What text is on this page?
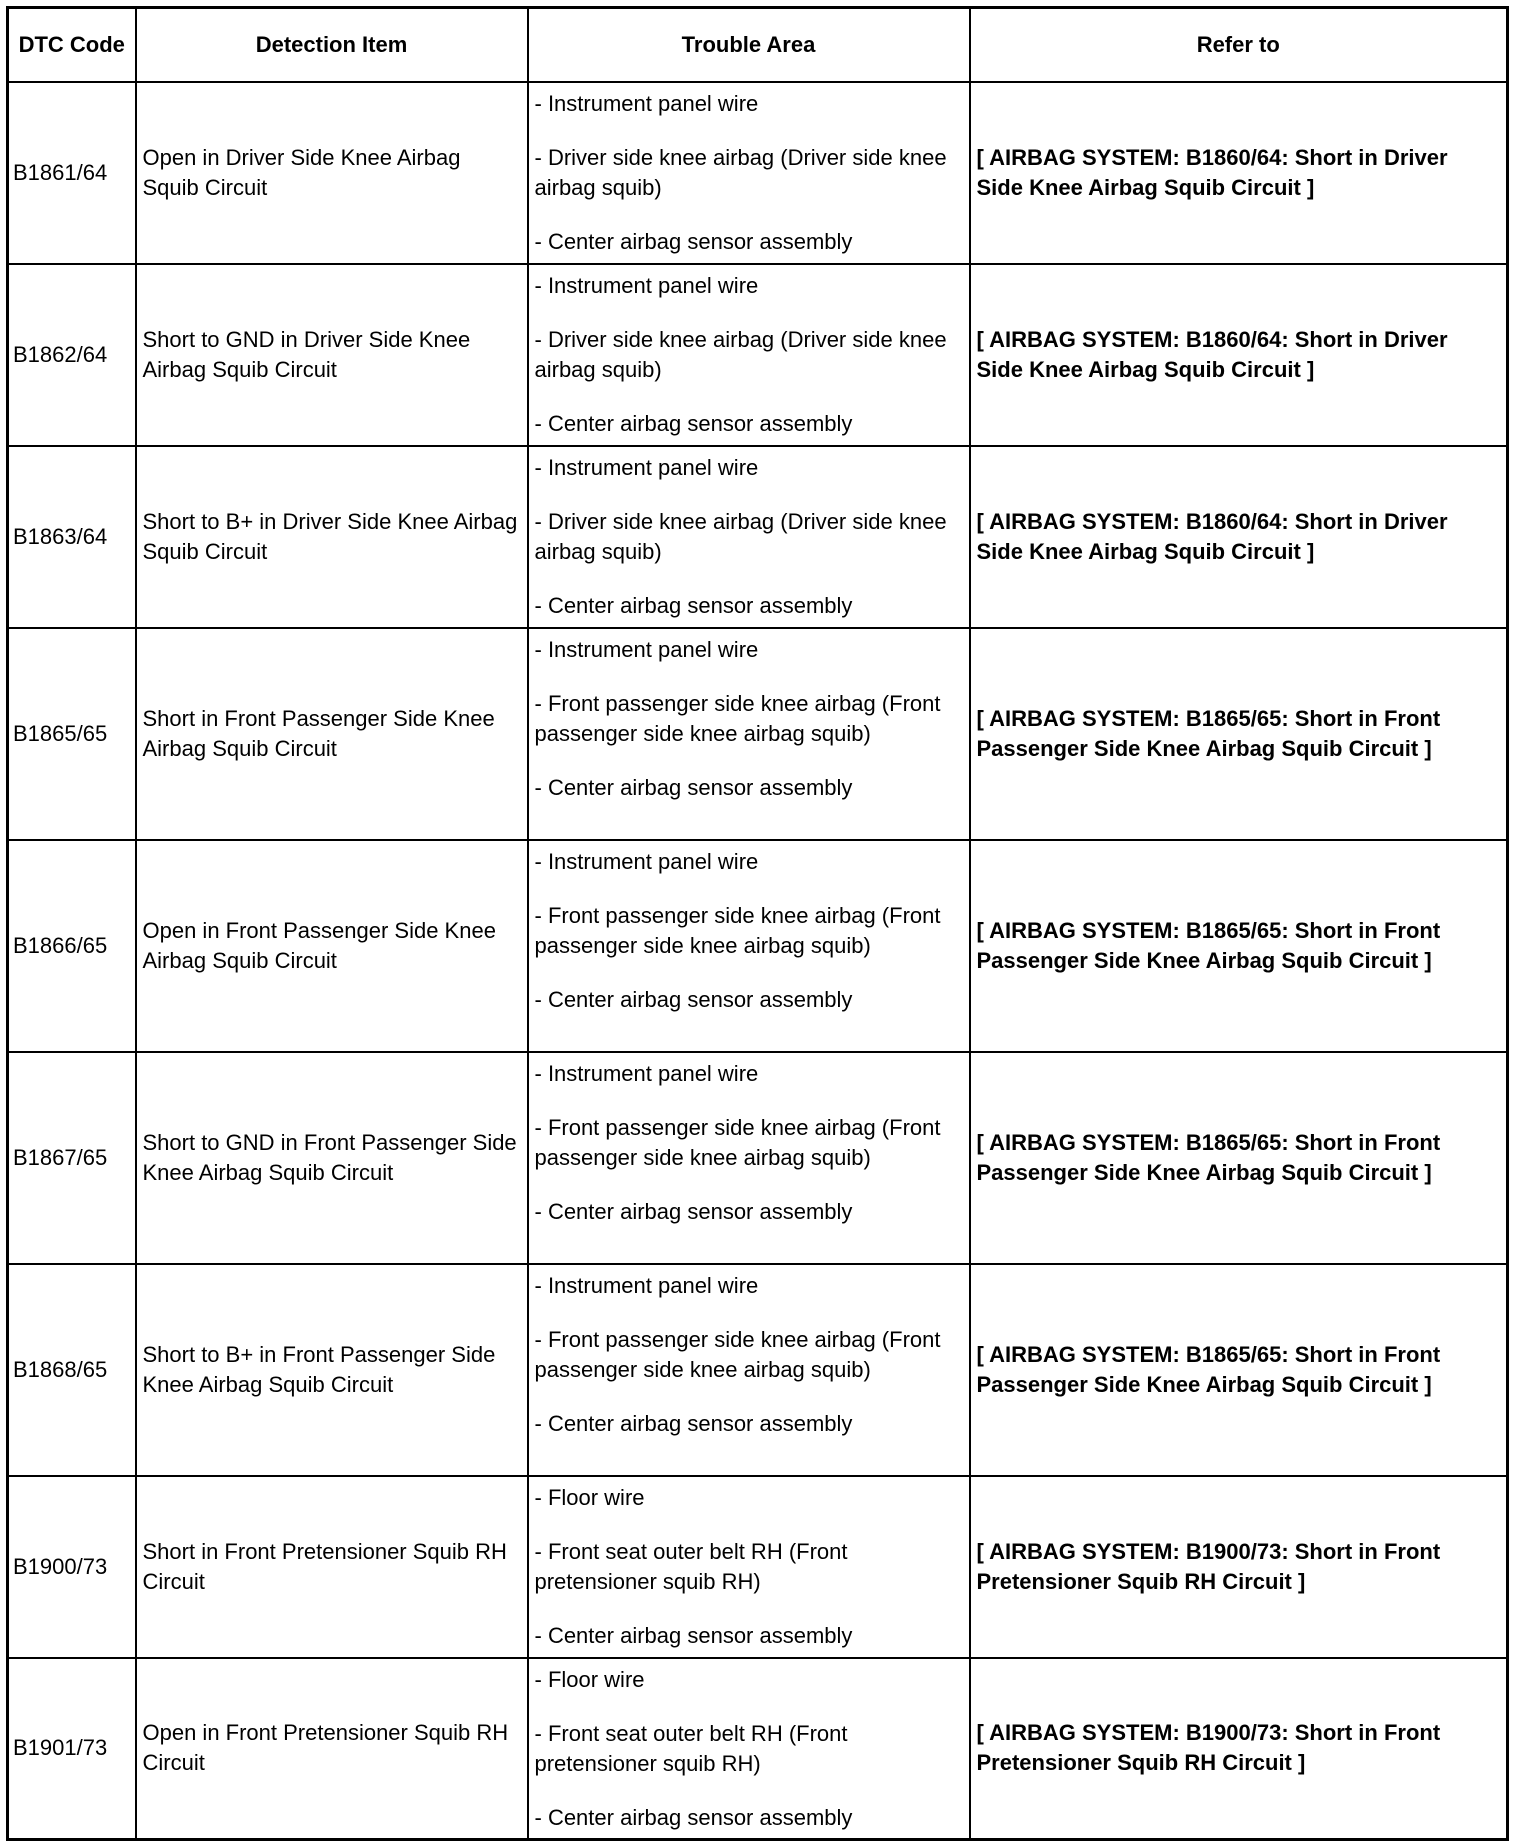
DTC Code	Detection Item	Trouble Area	Refer to
B1861/64	Open in Driver Side Knee Airbag Squib Circuit	- Instrument panel wire
- Driver side knee airbag (Driver side knee airbag squib)
- Center airbag sensor assembly	[ AIRBAG SYSTEM: B1860/64: Short in Driver Side Knee Airbag Squib Circuit ]
B1862/64	Short to GND in Driver Side Knee Airbag Squib Circuit	- Instrument panel wire
- Driver side knee airbag (Driver side knee airbag squib)
- Center airbag sensor assembly	[ AIRBAG SYSTEM: B1860/64: Short in Driver Side Knee Airbag Squib Circuit ]
B1863/64	Short to B+ in Driver Side Knee Airbag Squib Circuit	- Instrument panel wire
- Driver side knee airbag (Driver side knee airbag squib)
- Center airbag sensor assembly	[ AIRBAG SYSTEM: B1860/64: Short in Driver Side Knee Airbag Squib Circuit ]
B1865/65	Short in Front Passenger Side Knee Airbag Squib Circuit	- Instrument panel wire
- Front passenger side knee airbag (Front passenger side knee airbag squib)
- Center airbag sensor assembly	[ AIRBAG SYSTEM: B1865/65: Short in Front Passenger Side Knee Airbag Squib Circuit ]
B1866/65	Open in Front Passenger Side Knee Airbag Squib Circuit	- Instrument panel wire
- Front passenger side knee airbag (Front passenger side knee airbag squib)
- Center airbag sensor assembly	[ AIRBAG SYSTEM: B1865/65: Short in Front Passenger Side Knee Airbag Squib Circuit ]
B1867/65	Short to GND in Front Passenger Side Knee Airbag Squib Circuit	- Instrument panel wire
- Front passenger side knee airbag (Front passenger side knee airbag squib)
- Center airbag sensor assembly	[ AIRBAG SYSTEM: B1865/65: Short in Front Passenger Side Knee Airbag Squib Circuit ]
B1868/65	Short to B+ in Front Passenger Side Knee Airbag Squib Circuit	- Instrument panel wire
- Front passenger side knee airbag (Front passenger side knee airbag squib)
- Center airbag sensor assembly	[ AIRBAG SYSTEM: B1865/65: Short in Front Passenger Side Knee Airbag Squib Circuit ]
B1900/73	Short in Front Pretensioner Squib RH Circuit	- Floor wire
- Front seat outer belt RH (Front pretensioner squib RH)
- Center airbag sensor assembly	[ AIRBAG SYSTEM: B1900/73: Short in Front Pretensioner Squib RH Circuit ]
B1901/73	Open in Front Pretensioner Squib RH Circuit	- Floor wire
- Front seat outer belt RH (Front pretensioner squib RH)
- Center airbag sensor assembly	[ AIRBAG SYSTEM: B1900/73: Short in Front Pretensioner Squib RH Circuit ]
